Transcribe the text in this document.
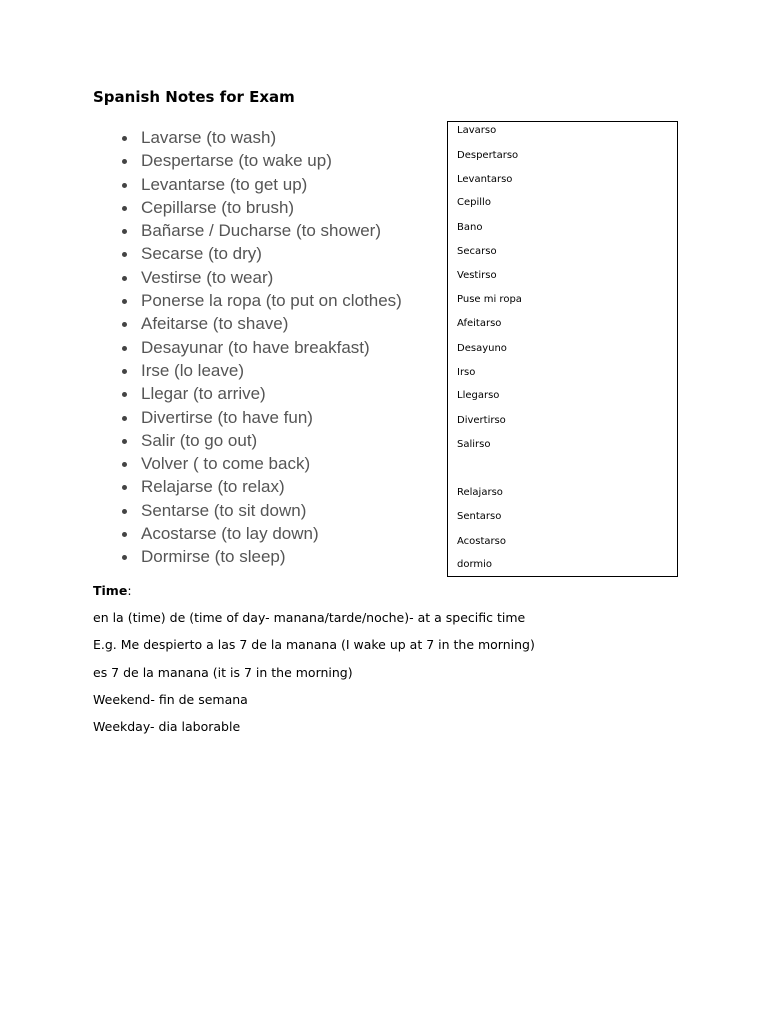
Spanish Notes for Exam
Lavarse (to wash)
Despertarse (to wake up)
Levantarse (to get up)
Cepillarse (to brush)
Bañarse / Ducharse (to shower)
Secarse (to dry)
Vestirse (to wear)
Ponerse la ropa (to put on clothes)
Afeitarse (to shave)
Desayunar (to have breakfast)
Irse (lo leave)
Llegar (to arrive)
Divertirse (to have fun)
Salir (to go out)
Volver ( to come back)
Relajarse (to relax)
Sentarse (to sit down)
Acostarse (to lay down)
Dormirse (to sleep)
Lavarso
Despertarso
Levantarso
Cepillo
Bano
Secarso
Vestirso
Puse mi ropa
Afeitarso
Desayuno
Irso
Llegarso
Divertirso
Salirso
Relajarso
Sentarso
Acostarso
dormio
Time:
en la (time) de (time of day- manana/tarde/noche)- at a specific time
E.g. Me despierto a las 7 de la manana (I wake up at 7 in the morning)
es 7 de la manana (it is 7 in the morning)
Weekend- fin de semana
Weekday- dia laborable
